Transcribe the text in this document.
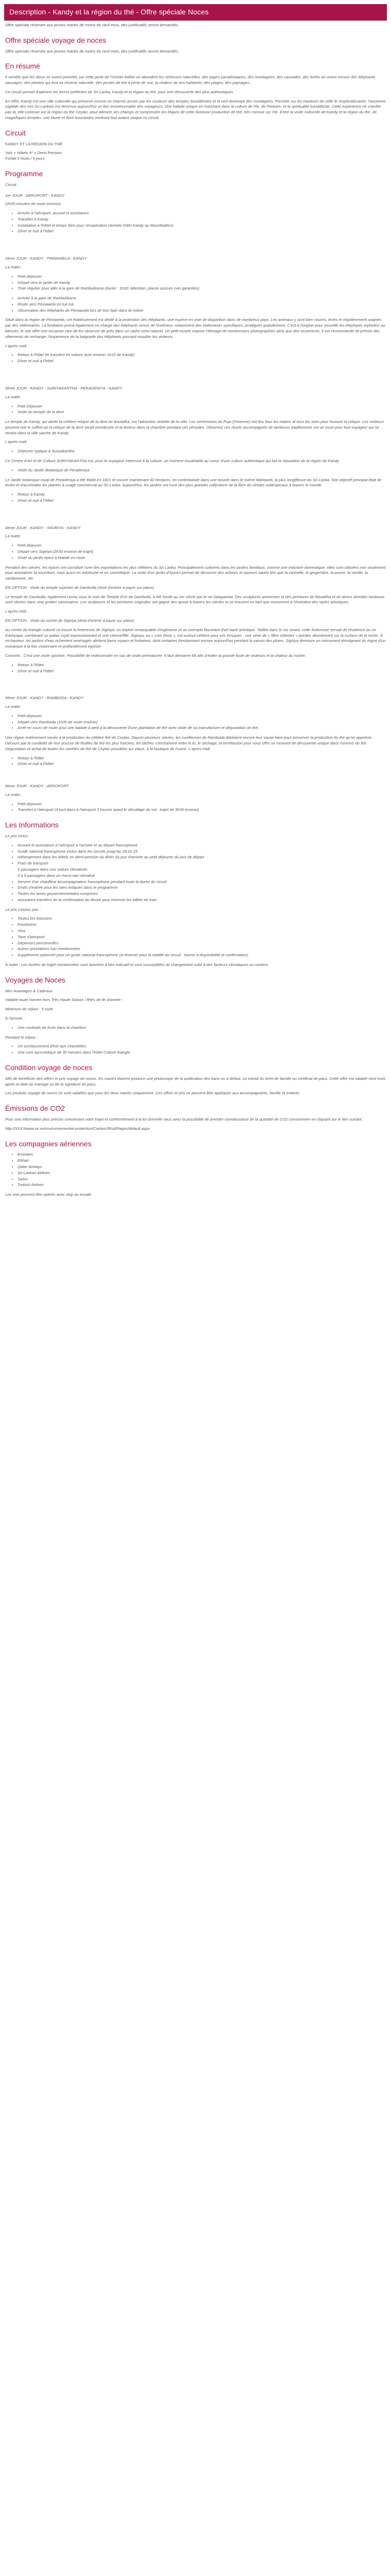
Description - Kandy et la région du thé - Offre spéciale Noces

Offre spéciale réservée aux jeunes mariés de moins de neuf mois, des justificatifs seront demandés.

Offre spéciale voyage de noces

Offre spéciale réservée aux jeunes mariés de moins de neuf mois, des justificatifs seront demandés.

En résumé

Il semble que les dieux se soient penchés sur cette perle de l'Océan Indien où abondent les richesses naturelles, des pages paradisiaques, des montagnes, des cascades, des forêts où vivent encore des éléphants sauvages, des plantes qui font sa réserve naturelle, des pentes de thé à perte de vue, la chaleur de ses habitants, des plages, des paysages...

Ce circuit permet d'admirer les terres préférées de Sri Lanka, Kandy et la région du thé, pour une découverte des plus authentiques.

En effet, Kandy est une ville culturelle qui préserve encore un charme ancien par les couleurs des temples bouddhistes et la vert dominant des montagnes. Perchée sur les hauteurs de celle fe resplendissante, l'ancienne capitale des rois Sri Lankais est devenue aujourd'hui un lieu incontournable des voyageurs. Une balade unique en marchant dans la culture de l'ile, de l'histoire, et la spiritualité bouddhiste. Cette expérience ne s'arrête pas là, elle continue sur la région du thé Ceylan, pour admirer ses champs et comprendre les étapes de cette fameuse production de thé, très connue sur l'ile. Entre la visite culturelle de Kandy et la région du thé, de magnifiques temples, une faune et flore luxuriantes rendront tout autant unique ce circuit.

Circuit

KANDY ET LA RÉGION DU THÉ

Vols + Hôtels 4* + Demi Pension
Forfait 5 Nuits / 6 jours

Programme

Circuit :

1er JOUR : AEROPORT - KANDY

(2h30 minutes de route environ)

• Arrivée à l'aéroport, accueil et assistance
• Transfert à Kandy
• Installation à l'hôtel et temps libre pour récupération (Arrivée hôtel Kandy ou Mountbatten)
• Dîner et nuit à l'hôtel

2ème JOUR : KANDY - PINNAWELA - KANDY

La matin :

• Petit déjeuner
• Départ vers le jardin de Kandy
• Train régulier pour aller à la gare de Rambukkana (durée : 1h30; Attention, places assises non garanties)
• Arrivée à la gare de Rambukkana
• Route vers Pinnawela en tuk tuk
• Observation des éléphants de Pinnawala lors de leur bain dans la rivière

Situé dans la région de Pinnawela, cet établissement est dédié à la protection des éléphants, une espèce en voie de disparition dans de nombreux pays. Les animaux y sont bien nourris, levés et régulièrement soignés par des vétérinaires. La fondation prend également en charge des éléphants venus de l'extérieur, notamment des traitements spécifiques, prodigués gratuitement. C'est à l'origine pour recueillir les éléphants orphelins ou blessés, le site offre une occasion rare de les observer de près dans un cadre semi-naturel. Un petit musée expose l'élevage de nombreuses photographies ainsi que des ossements. Il est recommandé de prévoir des vêtements de rechange, l'expérience de la baignade des éléphants pouvant mouiller les visiteurs.

L'après-midi :

• Retour à l'hôtel (le transfert en voiture dure environ 1h15 de Kandy)
• Dîner et nuit à l'hôtel

3ème JOUR : KANDY - SURIYAKANTHA - PERADENIYA - KANDY

La matin

• Petit Déjeuner
• Visite du temple de la dent

Le temple de Kandy, qui abrite la célèbre relique de la dent du Bouddha, est l'attraction vedette de la ville. Les cérémonies de Puja (l'Homme) ont lieu tous les matins et tous les soirs pour honorer la relique. Les visiteurs peuvent voir le coffret où la relique de la dent serait enchâssée et la lenteur dans la chambre pendant ces périodes. Observez ces rituels accompagnés de tambours traditionnels est un must pour tout voyageur qui se rendra dans la ville sacrée de Kandy.

L'après-midi

• Déjeuner typique à Suriyakantha

Ce Centre d'Art et de Culture SURIYAKANTHA est, pour le voyageur intéressé à la culture, un moment inoubliable au coeur d'une culture authentique qui fait la réputation de la région de Kandy.

• Visite du Jardin Botanique de Peradeniya

Le Jardin botanique royal de Peradeniya a été établi en 1821 et couvre maintenant 60 hectares, en contrebande dans une boucle dans le rivière Mahaweli, la plus longtfleuve du Sri Lanka. Son objectif principal était de tester et d'acclimater les plantes à usage commercial au Sri Lanka. Aujourd'hui, les jardins ont l'une des plus grandes collections de la flore du climats subtropicaux à travers le monde.

• Retour à Kandy
• Dîner et nuit à l'hôtel

4ème JOUR : KANDY - SIGIRIYA - KANDY

La matin

• Petit déjeuner
• Départ vers Sigiriya (2h30 environ de trajet)
• Visite du jardin épice à Matale en route

Pendant des siècles, les épices ont constitué l'une des exportations les plus célèbres du Sri Lanka. Principalement cultivées dans les jardins familiaux, comme une industrie domestique, elles sont utilisées non seulement pour aromatiser la nourriture, mais aussi en médecine et en cosmétique. La visite d'un jardin d'épices permet de découvrir des arômes et saveurs variés tels que la cannelle, le gingembre, la poivre, la vanille, la cardamome, etc.

EN OPTION : Visite du temple rupestre de Dambulla (droit d'entrée à payer sur place)

Le temple de Dambulla, également connu sous le nom de Temple d'Or de Dambulla, a été fondé au 1er siècle par le roi Valagamba. Des sculptures anciennes et des peintures de Bouddha et de divers divinités hindoues sont situées dans cinq grottes sanctuaires. Les sculptures et les peintures originales ont gagné des ajouts à travers les siècles et se trouvent en tant que monument à l'évolution des styles artistiques.

L'après-midi :

EN OPTION : Visite du rocher de Sigiriya (droit d'entrée à payer sur place)

Au centre du triangle culturel se trouve la forteresse de Sigiriya, un exploit remarquable d'ingénierie et un exemple fascinant d'art basé artistique. Taillée dans le roc vivant, cette forteresse servait de résidence au roi Kashyapa, combinant un palais royal impressionnant et une citerne/fille. Sigiriya, ou « Lion Rock », est surtout célèbre pour ses fresques : une série de « filles célestes » peintes directement sur la surface de la roche. À mi-hauteur, les jardins d'eau richement aménagés abritent bains royaux et fontaines, dont certaines fonctionnent encore aujourd'hui pendant la saison des pluies. Sigiriya demeure un monument témoignant du règne d'un monarque à la fois visionnaire et profondément égoïste.

Conseils : C'est une visite sportive. Possibilité de redescendre en cas de visite prématurée. Il faut démarrer tôt afin d'éviter la grande foule de visiteurs et la chaleur du rocher.

• Retour à l'hôtel
• Dîner et nuit à l'hôtel

5ème JOUR : KANDY - RAMBODA - KANDY

La matin

• Petit déjeuner
• Départ vers Ramboda (1h30 de route environ)
• Arrêt en cours de route pour une balade à pied à la découverte d'une plantation de thé avec visite de sa manufacture et dégustation de thé.

Une région entièrement vouée à la production du célèbre thé de Ceylan. Depuis plusieurs siècles, les cueilleuses de Ramboda déploient encore leur savoir-faire pour préserver la production du thé qu'on apprécie. Décours par la cueillette de leur pousse de feuilles de thé les plus fraîches, les tâches s'enchaînent entre le tri, le séchage, la torréfaction pour vous offrir un moment de découverte unique dans l'univers du thé. Dégustation et achat de toutes les variétés de thé de Ceylan possibles sur place, à la boutique de l'usine. L'après-midi

• Retour à l'hôtel
• Dîner et nuit à l'hôtel

6ème JOUR : KANDY - AEROPORT

La matin :

• Petit déjeuner
• Transfert à l'aéroport (4 tout dans à l'aéroport 3 heures avant le décollage du vol - trajet de 3h30 environ)
Les Informations

Le prix inclus :

• Accueil et assistance à l'aéroport à l'arrivée et au départ francophone
• Guide national francophone inclus dans les circuits jusqu'au 28.02.25
• Hébergement dans les hôtels en demi-pension du dîner du jour d'arrivée au petit déjeuner du jour de départ
• Frais de transport
2 passagers dans une voiture climatisée
3 à 6 passagers dans un micro-van climatisé
• Service d'un chauffeur accompagnateur francophone pendant toute la durée du circuit
• Droits d'entrée pour les sites indiqués dans le programme
• Toutes les taxes gouvernementales comprises
• assurance transfers de la confirmation du devoir pour réserver les billets de train

Le prix n'inclus pas :

• Toutes les boissons
• Pourboires
• Visa
• Taxe d'aéroport
• Dépenses personnelles
• Autres prestations non mentionnées
• Supplément optionnel pour un guide national francophone (à réserver pour la totalité du circuit - tourne à disponibilité et confirmation)

À noter : Les durées de trajet mentionnées sont données à titre indicatif et sont susceptibles de changement suite à des facteurs climatiques ou routiers.

Voyages de Noces

Mes Avantages & Cadeaux

Valable toute l'année hors Très Haute Saison / fêtes de fin d'année :

Minimum de séjour : 5 nuits

À l'arrivée :

• Une cocktails de fruits dans la chambre

Pendant le séjour :

• Un surclassement dîner aux chandelles
• Une cure ayurvédique de 30 minutes dans l'hôtel Culture triangle
Condition voyage de noces

Afin de bénéficier des offres et prix voyage de noces, les mariés doivent produire une photocopie de la publication des bans ou à défaut, un extrait du livret de famille ou certificat de pacs. Cette offre est valable neuf mois après la date du mariage ou de la signature du pacs.

Les produits voyage de noces ne sont valables que pour les deux mariés uniquement. Ces offres et prix ne peuvent être appliqués aux accompagnants, famille et enfants.

Émissions de CO2

Pour une information plus précise concernant votre trajet et conformément à la loi Grenelle vous avez la possibilité de prendre connaissance de la quantité de CO2 consommée en cliquant sur le lien suivant :

http://XXXXwww.xx.xx/environnemental-protection/Carbon2Rsd/Pages/default.aspx

Les compagnies aériennes
• Emirates
• Etihad
• Qatar Airways
• Sri Lankan Airlines
• Swiss
• Turkish Airlines

Les vols peuvent être opérés avec stop ou escale
